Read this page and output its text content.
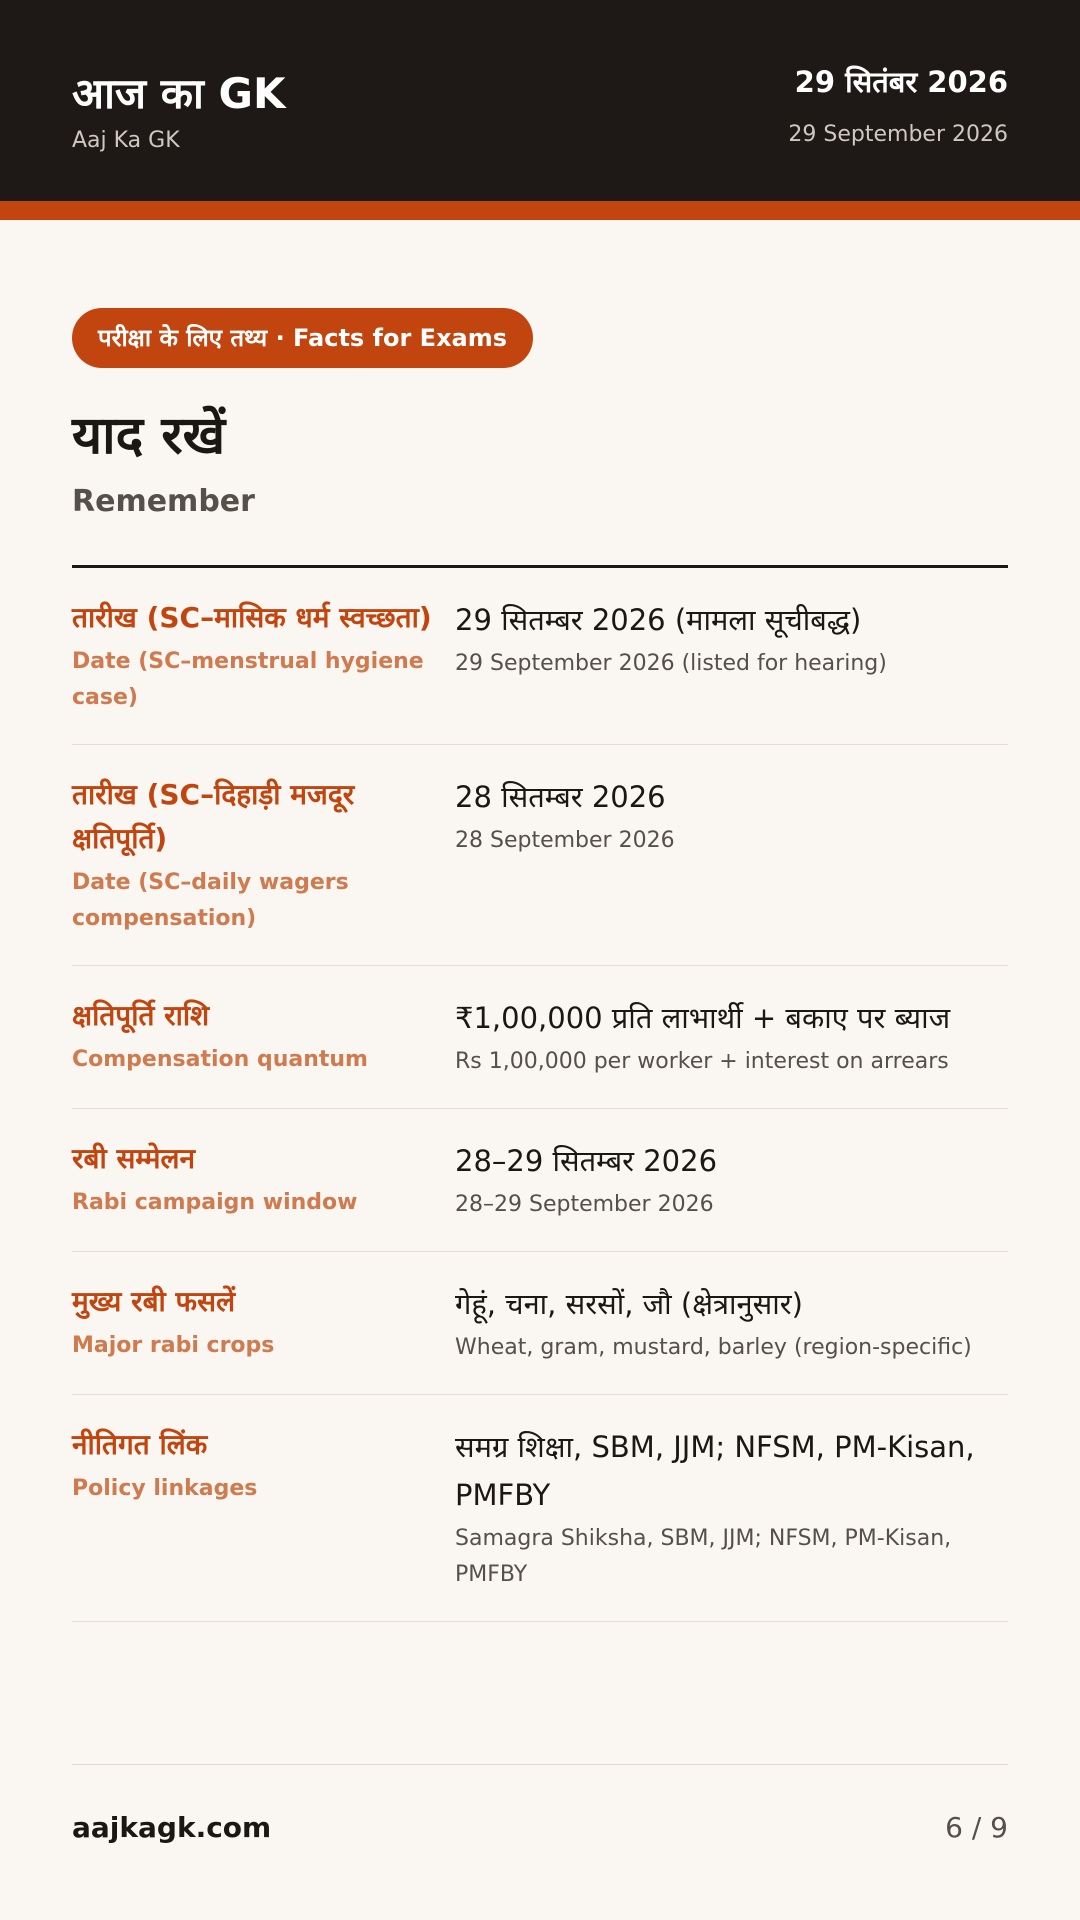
आज का GK
Aaj Ka GK
29 सितंबर 2026
29 September 2026
परीक्षा के लिए तथ्य · Facts for Exams
याद रखें
Remember
तारीख (SC–मासिक धर्म स्वच्छता)
Date (SC–menstrual hygiene case)
29 सितम्बर 2026 (मामला सूचीबद्ध)
29 September 2026 (listed for hearing)
तारीख (SC–दिहाड़ी मजदूर क्षतिपूर्ति)
Date (SC–daily wagers compensation)
28 सितम्बर 2026
28 September 2026
क्षतिपूर्ति राशि
Compensation quantum
₹1,00,000 प्रति लाभार्थी + बकाए पर ब्याज
Rs 1,00,000 per worker + interest on arrears
रबी सम्मेलन
Rabi campaign window
28–29 सितम्बर 2026
28–29 September 2026
मुख्य रबी फसलें
Major rabi crops
गेहूं, चना, सरसों, जौ (क्षेत्रानुसार)
Wheat, gram, mustard, barley (region-specific)
नीतिगत लिंक
Policy linkages
समग्र शिक्षा, SBM, JJM; NFSM, PM-Kisan, PMFBY
Samagra Shiksha, SBM, JJM; NFSM, PM-Kisan, PMFBY
aajkagk.com	6 / 9
